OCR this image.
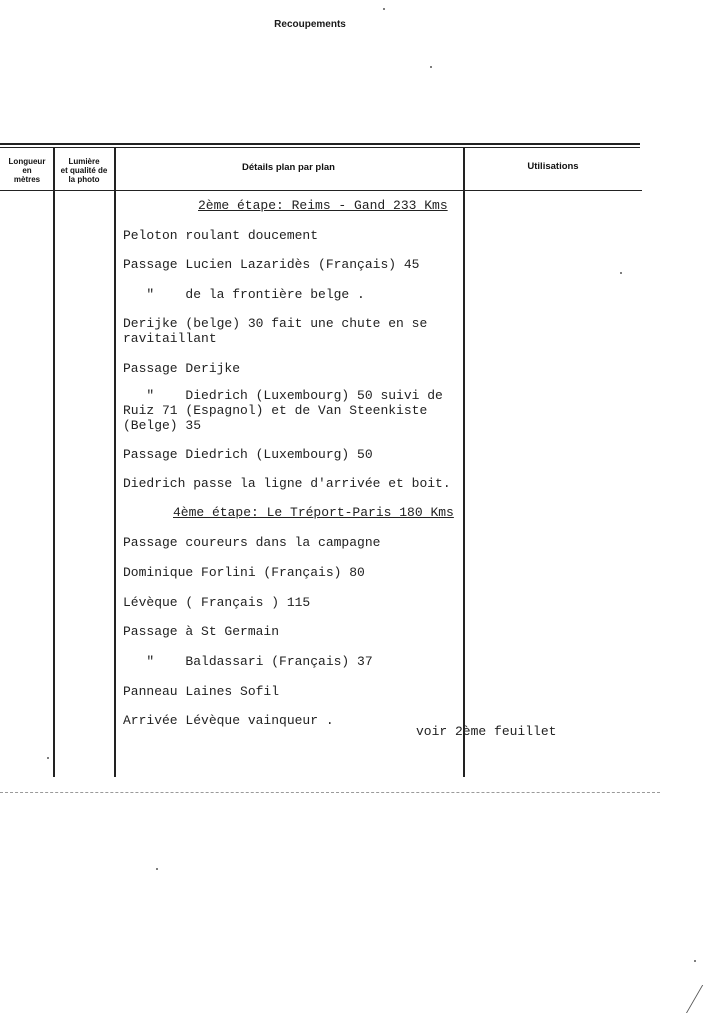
Recoupements
Longueur
en
mètres
Lumière
et qualité de
la photo
Détails plan par plan	Utilisations
2ème étape: Reims - Gand 233 Kms
Peloton roulant doucement
Passage Lucien Lazaridès (Français) 45
"    de la frontière belge .
Derijke (belge) 30 fait une chute en se
ravitaillant
Passage Derijke
"    Diedrich (Luxembourg) 50 suivi de
Ruiz 71 (Espagnol) et de Van Steenkiste
(Belge) 35
Passage Diedrich (Luxembourg) 50
Diedrich passe la ligne d'arrivée et boit.
4ème étape: Le Tréport-Paris 180 Kms
Passage coureurs dans la campagne
Dominique Forlini (Français) 80
Lévèque ( Français ) 115
Passage à St Germain
"    Baldassari (Français) 37
Panneau Laines Sofil
Arrivée Lévèque vainqueur .
voir 2ème feuillet
